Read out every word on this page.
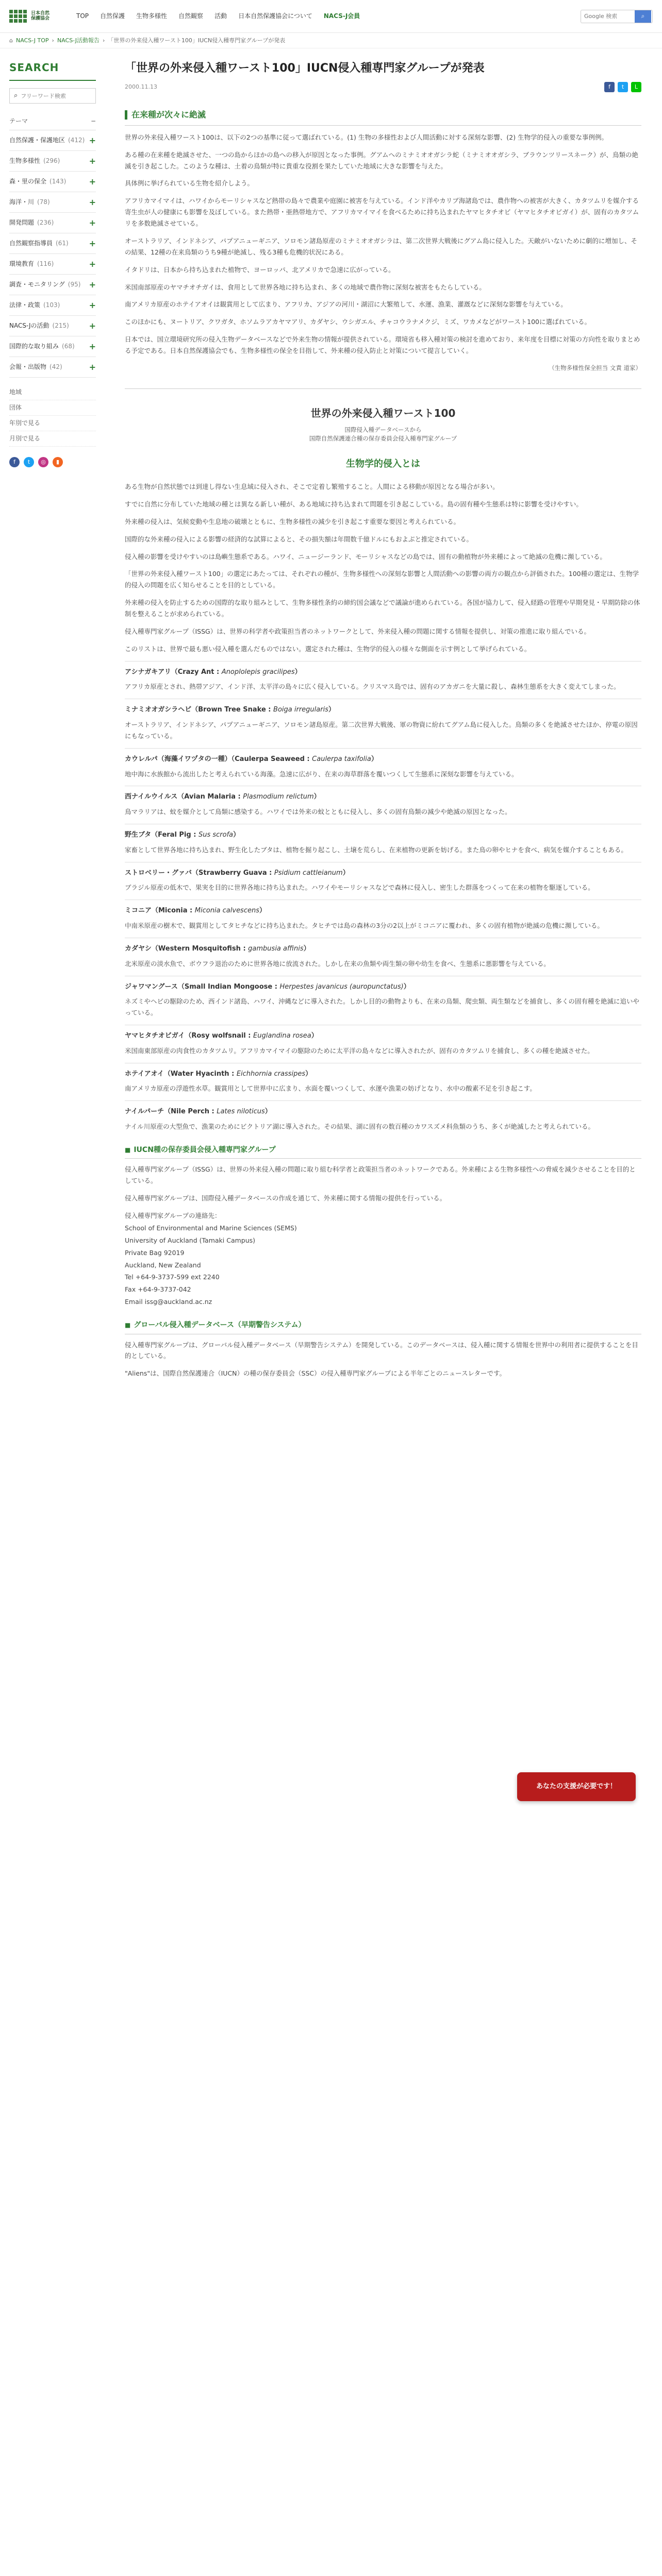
日本自然
保護協会	TOP 自然保護 生物多様性 自然観察 活動 日本自然保護協会について NACS-J会員
Google 検索	⌕
⌂ NACS-J TOP › NACS-J活動報告 › 「世界の外来侵入種ワースト100」IUCN侵入種専門家グループが発表
SEARCH
⌕
フリーワード検索
テーマ	−
自然保護・保護地区 (412) +
生物多様性 (296)	+
森・里の保全 (143)	+
海洋・川 (78)	+
開発問題 (236)	+
自然観察指導員 (61) +
環境教育 (116)	+
調査・モニタリング (95) +
法律・政策 (103)	+
NACS-Jの活動 (215) +
国際的な取り組み (68) +
会報・出版物 (42)	+
地域
団体
年別で見る
月別で見る
f	t	◎	▮
「世界の外来侵入種ワースト100」IUCN侵入種専門家グループが発表
2000.11.13	f	t	L
在来種が次々に絶滅

世界の外来侵入種ワースト100は、以下の2つの基準に従って選ばれている。(1) 生物の多様性および人間活動に対する深刻な影響、(2) 生物学的侵入の重要な事例例。

ある種の在来種を絶滅させた、一つの島からほかの島への移入が原因となった事例。グアムへのミナミオオガシラ蛇（ミナミオオガシラ、ブラウンツリースネーク）が、鳥類の絶滅を引き起こした。このような種は、土着の鳥類が特に貴重な役割を果たしていた地域に大きな影響を与えた。

具体例に挙げられている生物を紹介しよう。

アフリカマイマイは、ハワイからモーリシャスなど熱帯の島々で農業や庭園に被害を与えている。インド洋やカリブ海諸島では、農作物への被害が大きく、カタツムリを媒介する寄生虫が人の健康にも影響を及ぼしている。また熱帯・亜熱帯地方で、アフリカマイマイを食べるために持ち込まれたヤマヒタチオビ（ヤマヒタチオビガイ）が、固有のカタツムリを多数絶滅させている。

オーストラリア、インドネシア、パプアニューギニア、ソロモン諸島原産のミナミオオガシラは、第二次世界大戦後にグアム島に侵入した。天敵がいないために劇的に増加し、その結果、12種の在来鳥類のうち9種が絶滅し、残る3種も危機的状況にある。

イタドリは、日本から持ち込まれた植物で、ヨーロッパ、北アメリカで急速に広がっている。

米国南部原産のヤマチオチガイは、食用として世界各地に持ち込まれ、多くの地域で農作物に深刻な被害をもたらしている。

南アメリカ原産のホテイアオイは観賞用として広まり、アフリカ、アジアの河川・湖沼に大繁殖して、水運、漁業、灌漑などに深刻な影響を与えている。

このほかにも、ヌートリア、クワガタ、ホソムラアカヤマアリ、カダヤシ、ウシガエル、チャコウラナメクジ、ミズ、ワカメなどがワースト100に選ばれている。

日本では、国立環境研究所の侵入生物データベースなどで外来生物の情報が提供されている。環境省も移入種対策の検討を進めており、来年度を目標に対策の方向性を取りまとめる予定である。日本自然保護協会でも、生物多様性の保全を目指して、外来種の侵入防止と対策について提言していく。

（生物多様性保全担当 文責 道家）

世界の外来侵入種ワースト100
国際侵入種データベースから
国際自然保護連合種の保存委員会侵入種専門家グループ
生物学的侵入とは

ある生物が自然状態では到達し得ない生息域に侵入され、そこで定着し繁殖すること。人間による移動が原因となる場合が多い。

すでに自然に分布していた地域の種とは異なる新しい種が、ある地域に持ち込まれて問題を引き起こしている。島の固有種や生態系は特に影響を受けやすい。

外来種の侵入は、気候変動や生息地の破壊とともに、生物多様性の減少を引き起こす重要な要因と考えられている。

国際的な外来種の侵入による影響の経済的な試算によると、その損失額は年間数千億ドルにもおよぶと推定されている。

侵入種の影響を受けやすいのは島嶼生態系である。ハワイ、ニュージーランド、モーリシャスなどの島では、固有の動植物が外来種によって絶滅の危機に瀕している。

「世界の外来侵入種ワースト100」の選定にあたっては、それぞれの種が、生物多様性への深刻な影響と人間活動への影響の両方の観点から評価された。100種の選定は、生物学的侵入の問題を広く知らせることを目的としている。

外来種の侵入を防止するための国際的な取り組みとして、生物多様性条約の締約国会議などで議論が進められている。各国が協力して、侵入経路の管理や早期発見・早期防除の体制を整えることが求められている。

侵入種専門家グループ（ISSG）は、世界の科学者や政策担当者のネットワークとして、外来侵入種の問題に関する情報を提供し、対策の推進に取り組んでいる。

このリストは、世界で最も悪い侵入種を選んだものではない。選定された種は、生物学的侵入の様々な側面を示す例として挙げられている。

アシナガキアリ（Crazy Ant : Anoplolepis gracilipes）

アフリカ原産とされ、熱帯アジア、インド洋、太平洋の島々に広く侵入している。クリスマス島では、固有のアカガニを大量に殺し、森林生態系を大きく変えてしまった。

ミナミオオガシラヘビ（Brown Tree Snake : Boiga irregularis）

オーストラリア、インドネシア、パプアニューギニア、ソロモン諸島原産。第二次世界大戦後、軍の物資に紛れてグアム島に侵入した。鳥類の多くを絶滅させたほか、停電の原因にもなっている。

カウレルパ（海藻イワヅタの一種）（Caulerpa Seaweed : Caulerpa taxifolia）

地中海に水族館から流出したと考えられている海藻。急速に広がり、在来の海草群落を覆いつくして生態系に深刻な影響を与えている。

西ナイルウイルス（Avian Malaria : Plasmodium relictum）

鳥マラリアは、蚊を媒介として鳥類に感染する。ハワイでは外来の蚊とともに侵入し、多くの固有鳥類の減少や絶滅の原因となった。

野生ブタ（Feral Pig : Sus scrofa）

家畜として世界各地に持ち込まれ、野生化したブタは、植物を掘り起こし、土壌を荒らし、在来植物の更新を妨げる。また鳥の卵やヒナを食べ、病気を媒介することもある。

ストロベリー・グァバ（Strawberry Guava : Psidium cattleianum）

ブラジル原産の低木で、果実を目的に世界各地に持ち込まれた。ハワイやモーリシャスなどで森林に侵入し、密生した群落をつくって在来の植物を駆逐している。

ミコニア（Miconia : Miconia calvescens）

中南米原産の樹木で、観賞用としてタヒチなどに持ち込まれた。タヒチでは島の森林の3分の2以上がミコニアに覆われ、多くの固有植物が絶滅の危機に瀕している。

カダヤシ（Western Mosquitofish : gambusia affinis）

北米原産の淡水魚で、ボウフラ退治のために世界各地に放流された。しかし在来の魚類や両生類の卵や幼生を食べ、生態系に悪影響を与えている。

ジャワマングース（Small Indian Mongoose : Herpestes javanicus (auropunctatus)）

ネズミやヘビの駆除のため、西インド諸島、ハワイ、沖縄などに導入された。しかし目的の動物よりも、在来の鳥類、爬虫類、両生類などを捕食し、多くの固有種を絶滅に追いやっている。

ヤマヒタチオビガイ（Rosy wolfsnail : Euglandina rosea）

米国南東部原産の肉食性のカタツムリ。アフリカマイマイの駆除のために太平洋の島々などに導入されたが、固有のカタツムリを捕食し、多くの種を絶滅させた。

ホテイアオイ（Water Hyacinth : Eichhornia crassipes）

南アメリカ原産の浮遊性水草。観賞用として世界中に広まり、水面を覆いつくして、水運や漁業の妨げとなり、水中の酸素不足を引き起こす。

ナイルパーチ（Nile Perch : Lates niloticus）

ナイル川原産の大型魚で、漁業のためにビクトリア湖に導入された。その結果、湖に固有の数百種のカワスズメ科魚類のうち、多くが絶滅したと考えられている。

■ IUCN種の保存委員会侵入種専門家グループ

侵入種専門家グループ（ISSG）は、世界の外来侵入種の問題に取り組む科学者と政策担当者のネットワークである。外来種による生物多様性への脅威を減少させることを目的としている。

侵入種専門家グループは、国際侵入種データベースの作成を通じて、外来種に関する情報の提供を行っている。

侵入種専門家グループの連絡先：

School of Environmental and Marine Sciences (SEMS)

University of Auckland (Tamaki Campus)

Private Bag 92019

Auckland, New Zealand

Tel +64-9-3737-599 ext 2240

Fax +64-9-3737-042

Email issg@auckland.ac.nz

■ グローバル侵入種データベース（早期警告システム）

侵入種専門家グループは、グローバル侵入種データベース（早期警告システム）を開発している。このデータベースは、侵入種に関する情報を世界中の利用者に提供することを目的としている。

"Aliens"は、国際自然保護連合（IUCN）の種の保存委員会（SSC）の侵入種専門家グループによる半年ごとのニュースレターです。

あなたの支援が必要です！
